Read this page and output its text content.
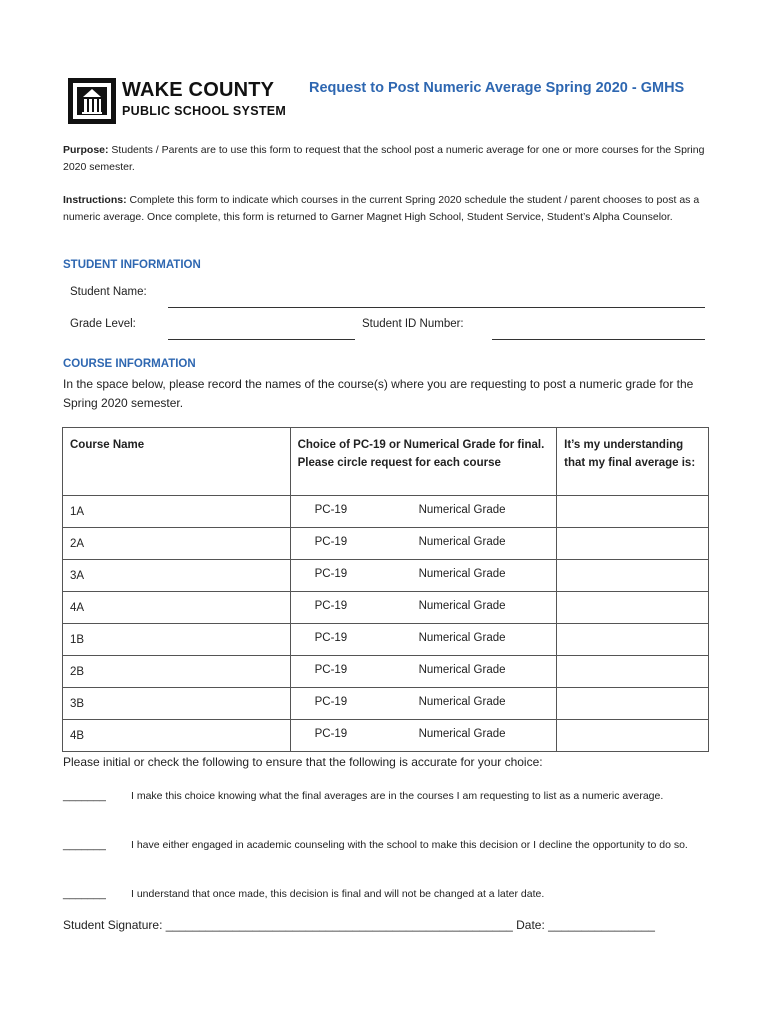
WAKE COUNTY
PUBLIC SCHOOL SYSTEM
Request to Post Numeric Average Spring 2020 - GMHS
Purpose: Students / Parents are to use this form to request that the school post a numeric average for one or more courses for the Spring 2020 semester.
Instructions: Complete this form to indicate which courses in the current Spring 2020 schedule the student / parent chooses to post as a numeric average. Once complete, this form is returned to Garner Magnet High School, Student Service, Student’s Alpha Counselor.
STUDENT INFORMATION
Student Name:
Grade Level:	Student ID Number:
COURSE INFORMATION
In the space below, please record the names of the course(s) where you are requesting to post a numeric grade for the Spring 2020 semester.
Course Name	Choice of PC-19 or Numerical Grade for final. Please circle request for each course	It’s my understanding that my final average is:

1A	PC-19 Numerical Grade	

2A	PC-19 Numerical Grade	

3A	PC-19 Numerical Grade	

4A	PC-19 Numerical Grade	

1B	PC-19 Numerical Grade	

2B	PC-19 Numerical Grade	

3B	PC-19 Numerical Grade	

4B	PC-19 Numerical Grade	

Please initial or check the following to ensure that the following is accurate for your choice:
_______ I make this choice knowing what the final averages are in the courses I am requesting to list as a numeric average.
_______ I have either engaged in academic counseling with the school to make this decision or I decline the opportunity to do so.
_______ I understand that once made, this decision is final and will not be changed at a later date.
Student Signature: ____________________________________________________ Date: ________________
